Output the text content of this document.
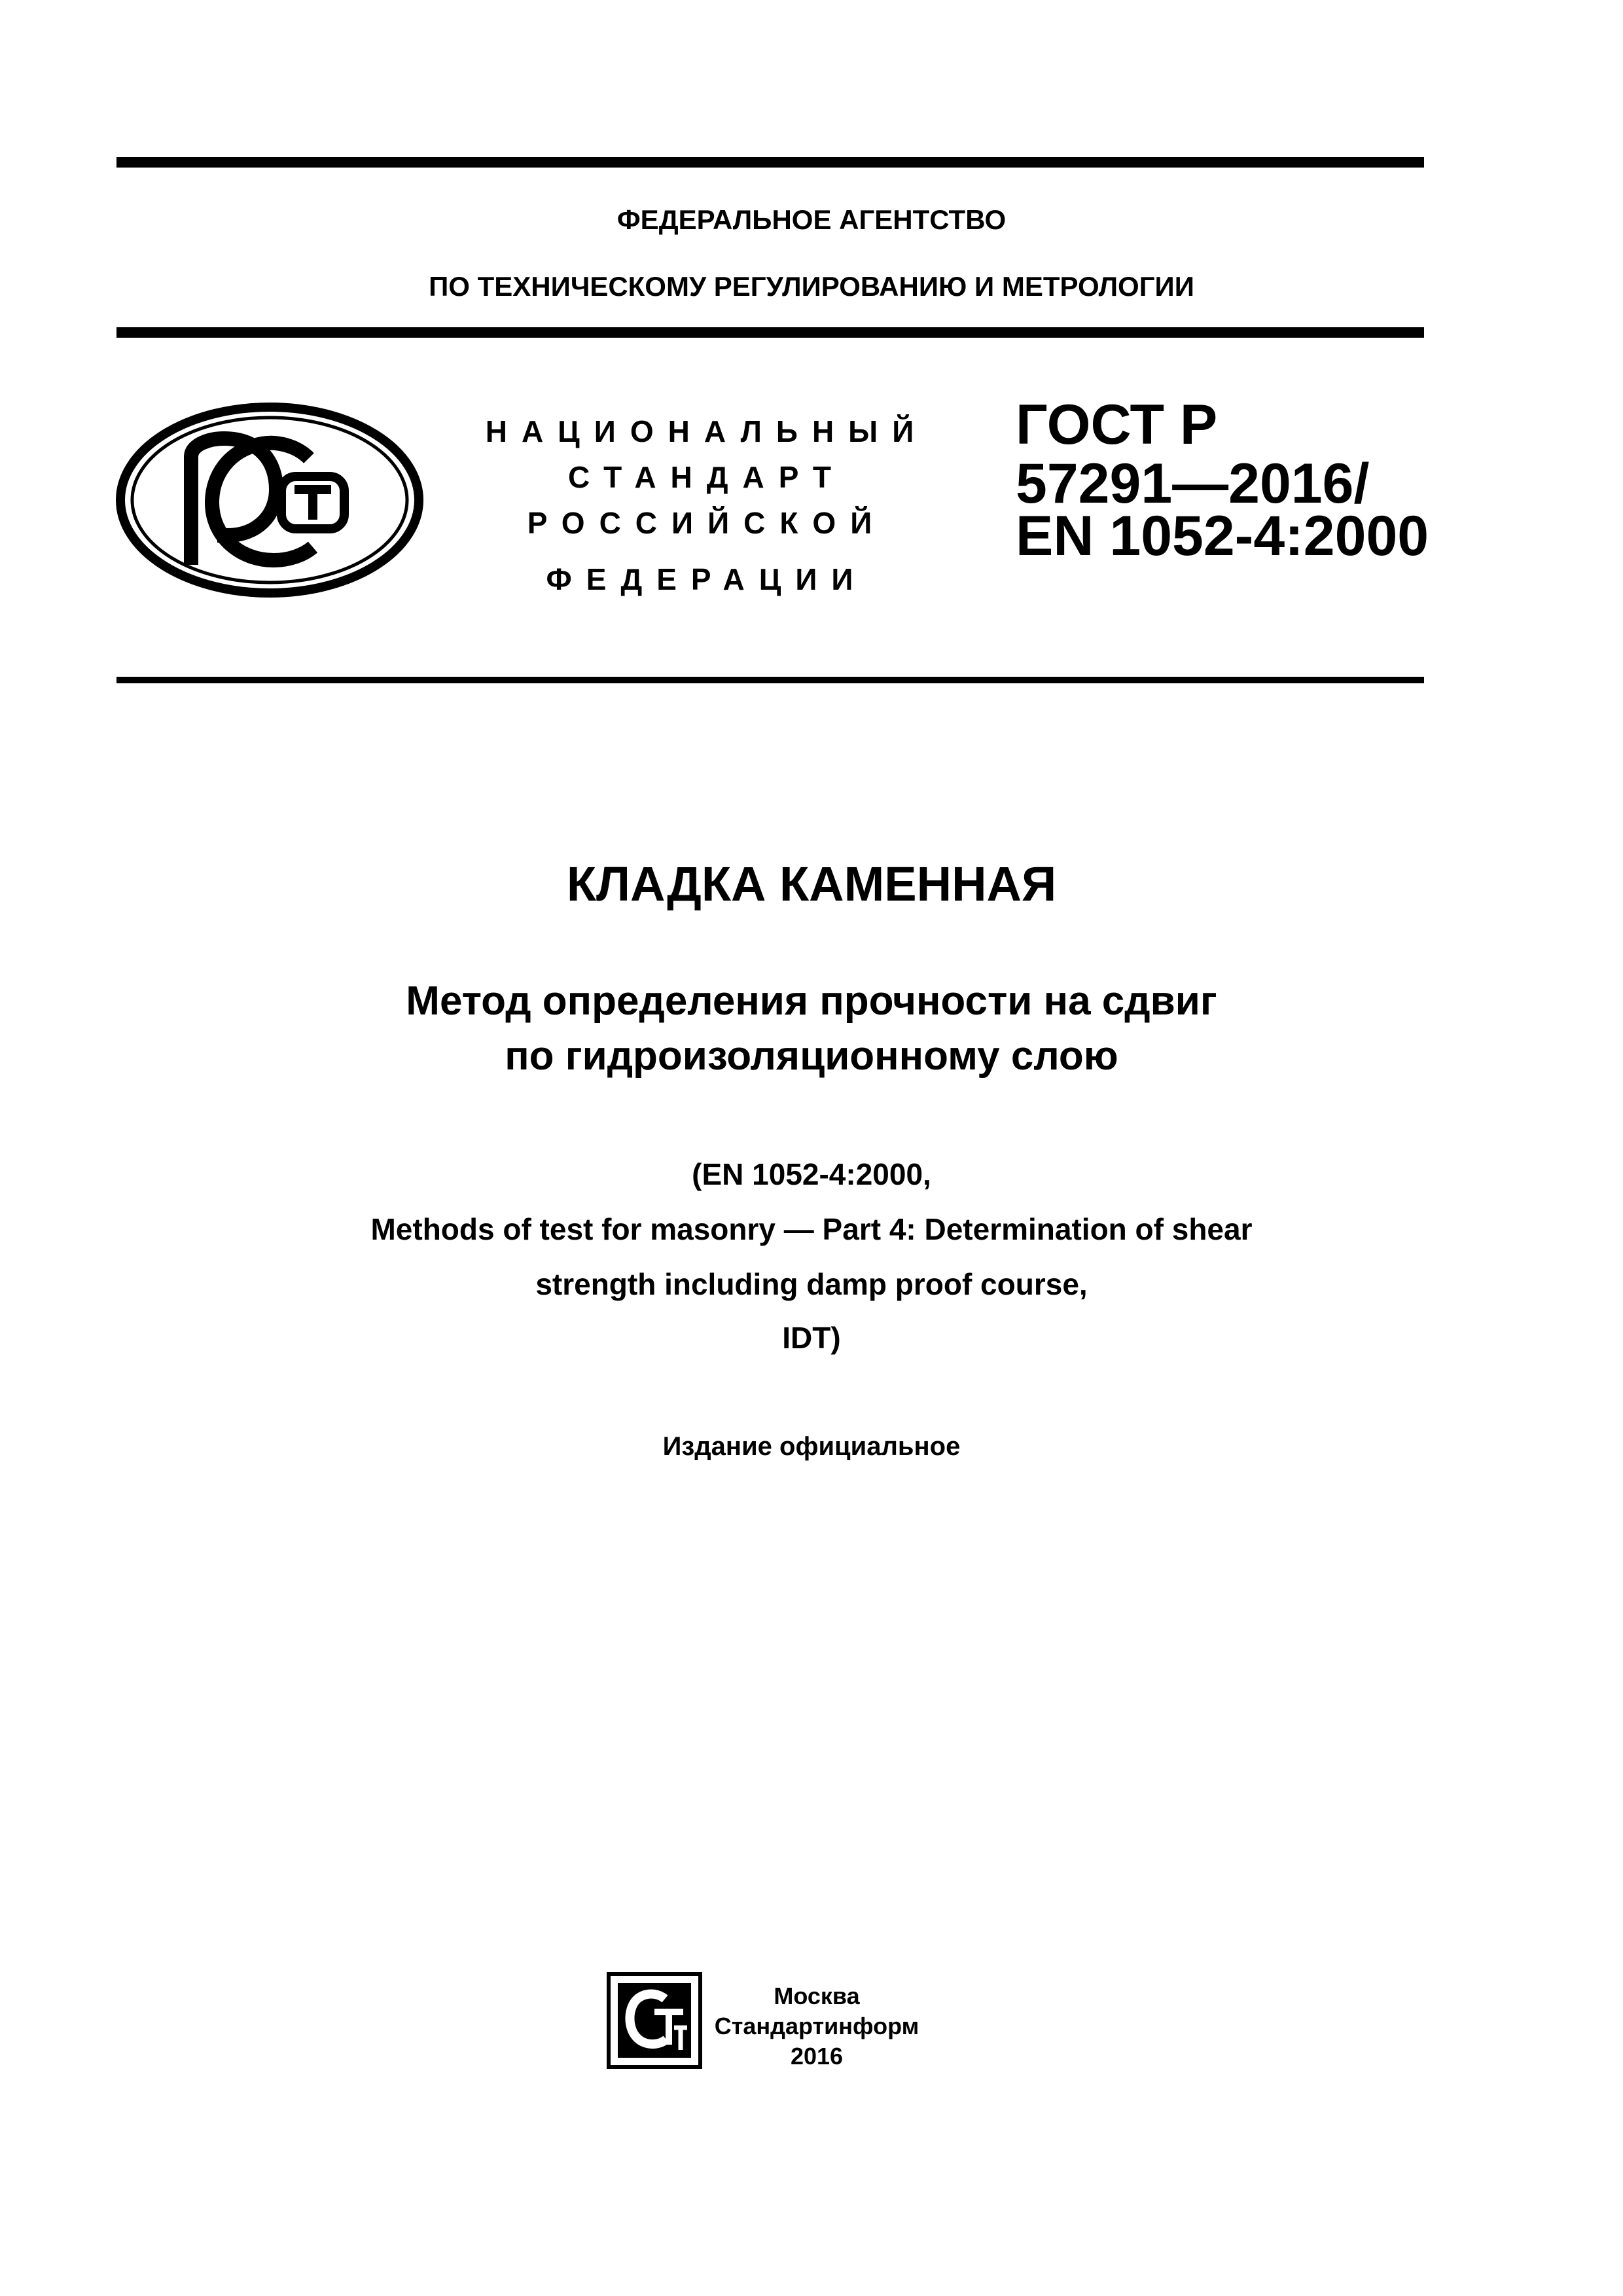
ФЕДЕРАЛЬНОЕ АГЕНТСТВО
ПО ТЕХНИЧЕСКОМУ РЕГУЛИРОВАНИЮ И МЕТРОЛОГИИ
НАЦИОНАЛЬНЫЙ
СТАНДАРТ
РОССИЙСКОЙ
ФЕДЕРАЦИИ
ГОСТ Р
57291—2016/
EN 1052-4:2000
КЛАДКА КАМЕННАЯ
Метод определения прочности на сдвиг
по гидроизоляционному слою
(EN 1052-4:2000,
Methods of test for masonry — Part 4: Determination of shear
strength including damp proof course,
IDT)
Издание официальное
Москва
Стандартинформ
2016
